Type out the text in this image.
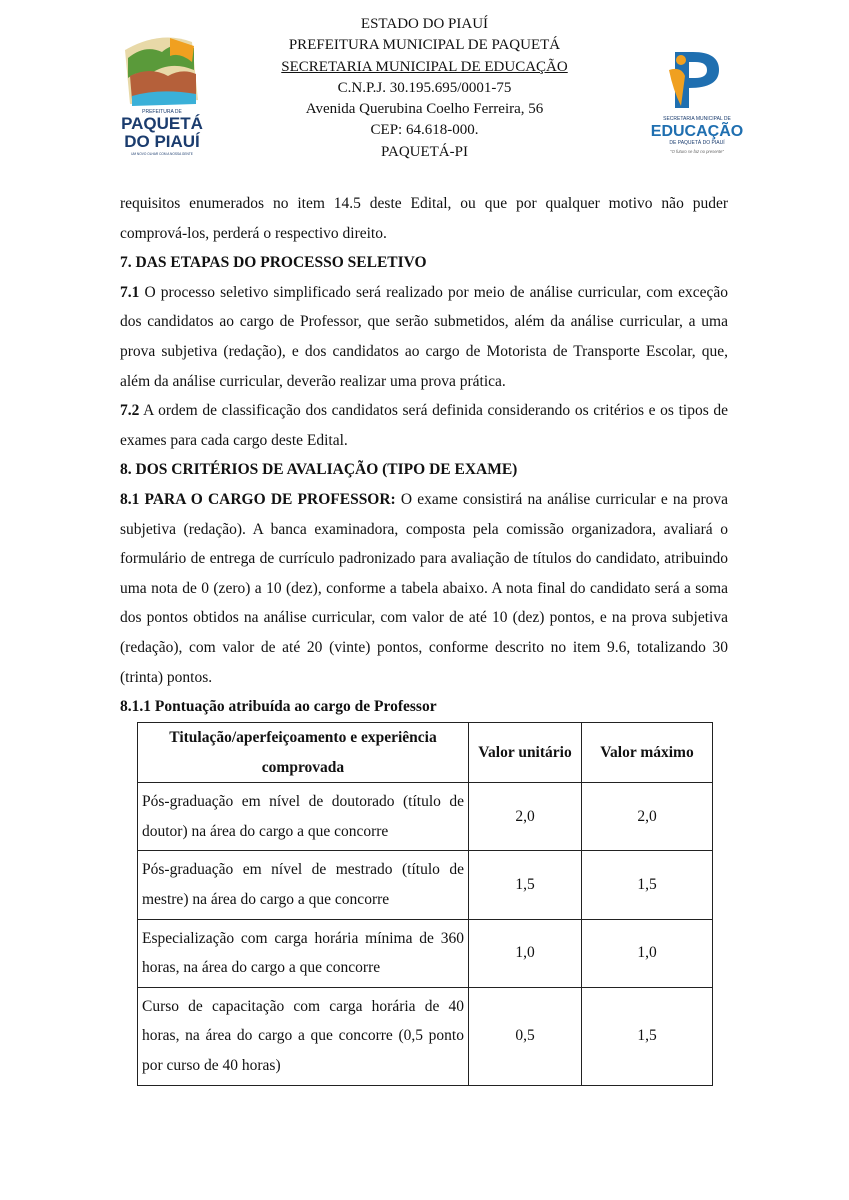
ESTADO DO PIAUÍ
PREFEITURA MUNICIPAL DE PAQUETÁ
SECRETARIA MUNICIPAL DE EDUCAÇÃO
C.N.P.J. 30.195.695/0001-75
Avenida Querubina Coelho Ferreira, 56
CEP: 64.618-000.
PAQUETÁ-PI
PREFEITURA DE
PAQUETÁ
DO PIAUÍ
UM NOVO OLHAR COM A NOSSA GENTE
SECRETARIA MUNICIPAL DE
EDUCAÇÃO
DE PAQUETÁ DO PIAUÍ
"O futuro se faz no presente"

requisitos enumerados no item 14.5 deste Edital, ou que por qualquer motivo não puder comprová-los, perderá o respectivo direito.

7. DAS ETAPAS DO PROCESSO SELETIVO

7.1 O processo seletivo simplificado será realizado por meio de análise curricular, com exceção dos candidatos ao cargo de Professor, que serão submetidos, além da análise curricular, a uma prova subjetiva (redação), e dos candidatos ao cargo de Motorista de Transporte Escolar, que, além da análise curricular, deverão realizar uma prova prática.

7.2 A ordem de classificação dos candidatos será definida considerando os critérios e os tipos de exames para cada cargo deste Edital.

8. DOS CRITÉRIOS DE AVALIAÇÃO (TIPO DE EXAME)

8.1 PARA O CARGO DE PROFESSOR: O exame consistirá na análise curricular e na prova subjetiva (redação). A banca examinadora, composta pela comissão organizadora, avaliará o formulário de entrega de currículo padronizado para avaliação de títulos do candidato, atribuindo uma nota de 0 (zero) a 10 (dez), conforme a tabela abaixo. A nota final do candidato será a soma dos pontos obtidos na análise curricular, com valor de até 10 (dez) pontos, e na prova subjetiva (redação), com valor de até 20 (vinte) pontos, conforme descrito no item 9.6, totalizando 30 (trinta) pontos.

8.1.1 Pontuação atribuída ao cargo de Professor
Titulação/aperfeiçoamento e experiência comprovada	Valor unitário	Valor máximo
Pós-graduação em nível de doutorado (título de doutor) na área do cargo a que concorre	2,0	2,0
Pós-graduação em nível de mestrado (título de mestre) na área do cargo a que concorre	1,5	1,5
Especialização com carga horária mínima de 360 horas, na área do cargo a que concorre	1,0	1,0
Curso de capacitação com carga horária de 40 horas, na área do cargo a que concorre (0,5 ponto por curso de 40 horas)	0,5	1,5
